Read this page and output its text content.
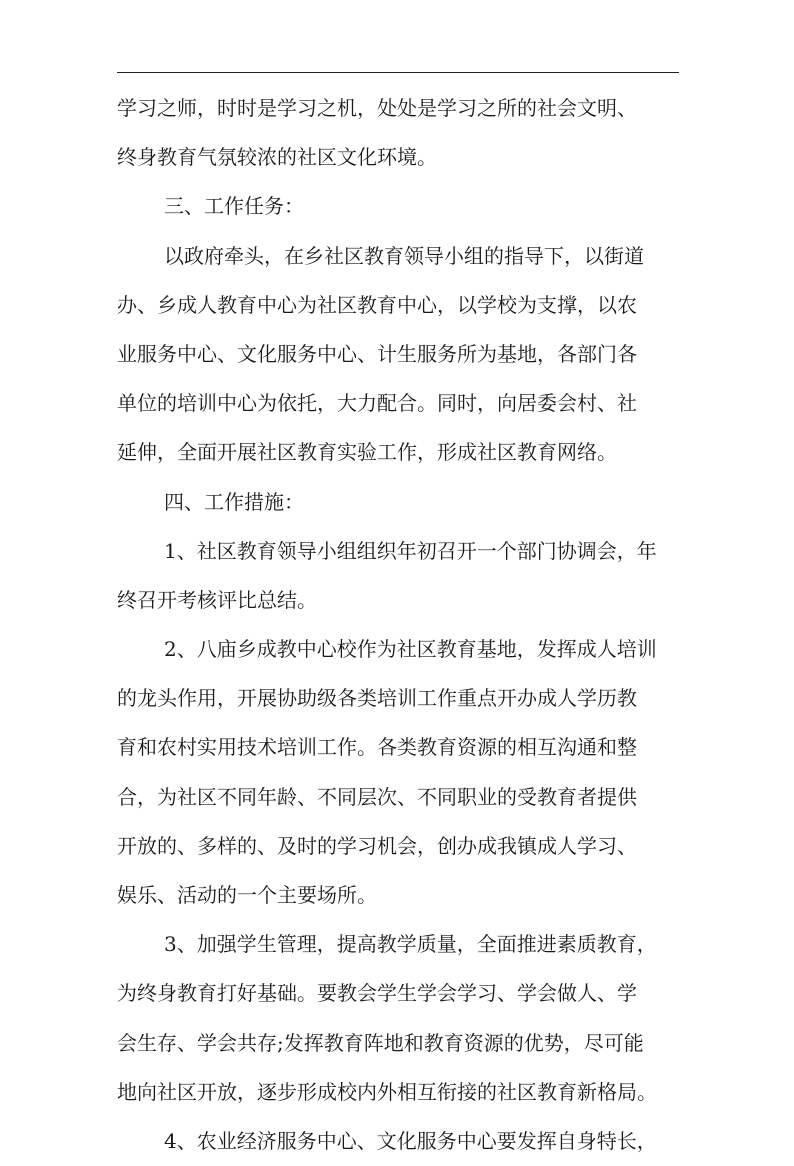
学习之师，时时是学习之机，处处是学习之所的社会文明、
终身教育气氛较浓的社区文化环境。
三、工作任务：
以政府牵头，在乡社区教育领导小组的指导下，以街道
办、乡成人教育中心为社区教育中心，以学校为支撑，以农
业服务中心、文化服务中心、计生服务所为基地，各部门各
单位的培训中心为依托，大力配合。同时，向居委会村、社
延伸，全面开展社区教育实验工作，形成社区教育网络。
四、工作措施：
1、社区教育领导小组组织年初召开一个部门协调会，年
终召开考核评比总结。
2、八庙乡成教中心校作为社区教育基地，发挥成人培训
的龙头作用，开展协助级各类培训工作重点开办成人学历教
育和农村实用技术培训工作。各类教育资源的相互沟通和整
合，为社区不同年龄、不同层次、不同职业的受教育者提供
开放的、多样的、及时的学习机会，创办成我镇成人学习、
娱乐、活动的一个主要场所。
3、加强学生管理，提高教学质量，全面推进素质教育，
为终身教育打好基础。要教会学生学会学习、学会做人、学
会生存、学会共存;发挥教育阵地和教育资源的优势，尽可能
地向社区开放，逐步形成校内外相互衔接的社区教育新格局。
4、农业经济服务中心、文化服务中心要发挥自身特长，
